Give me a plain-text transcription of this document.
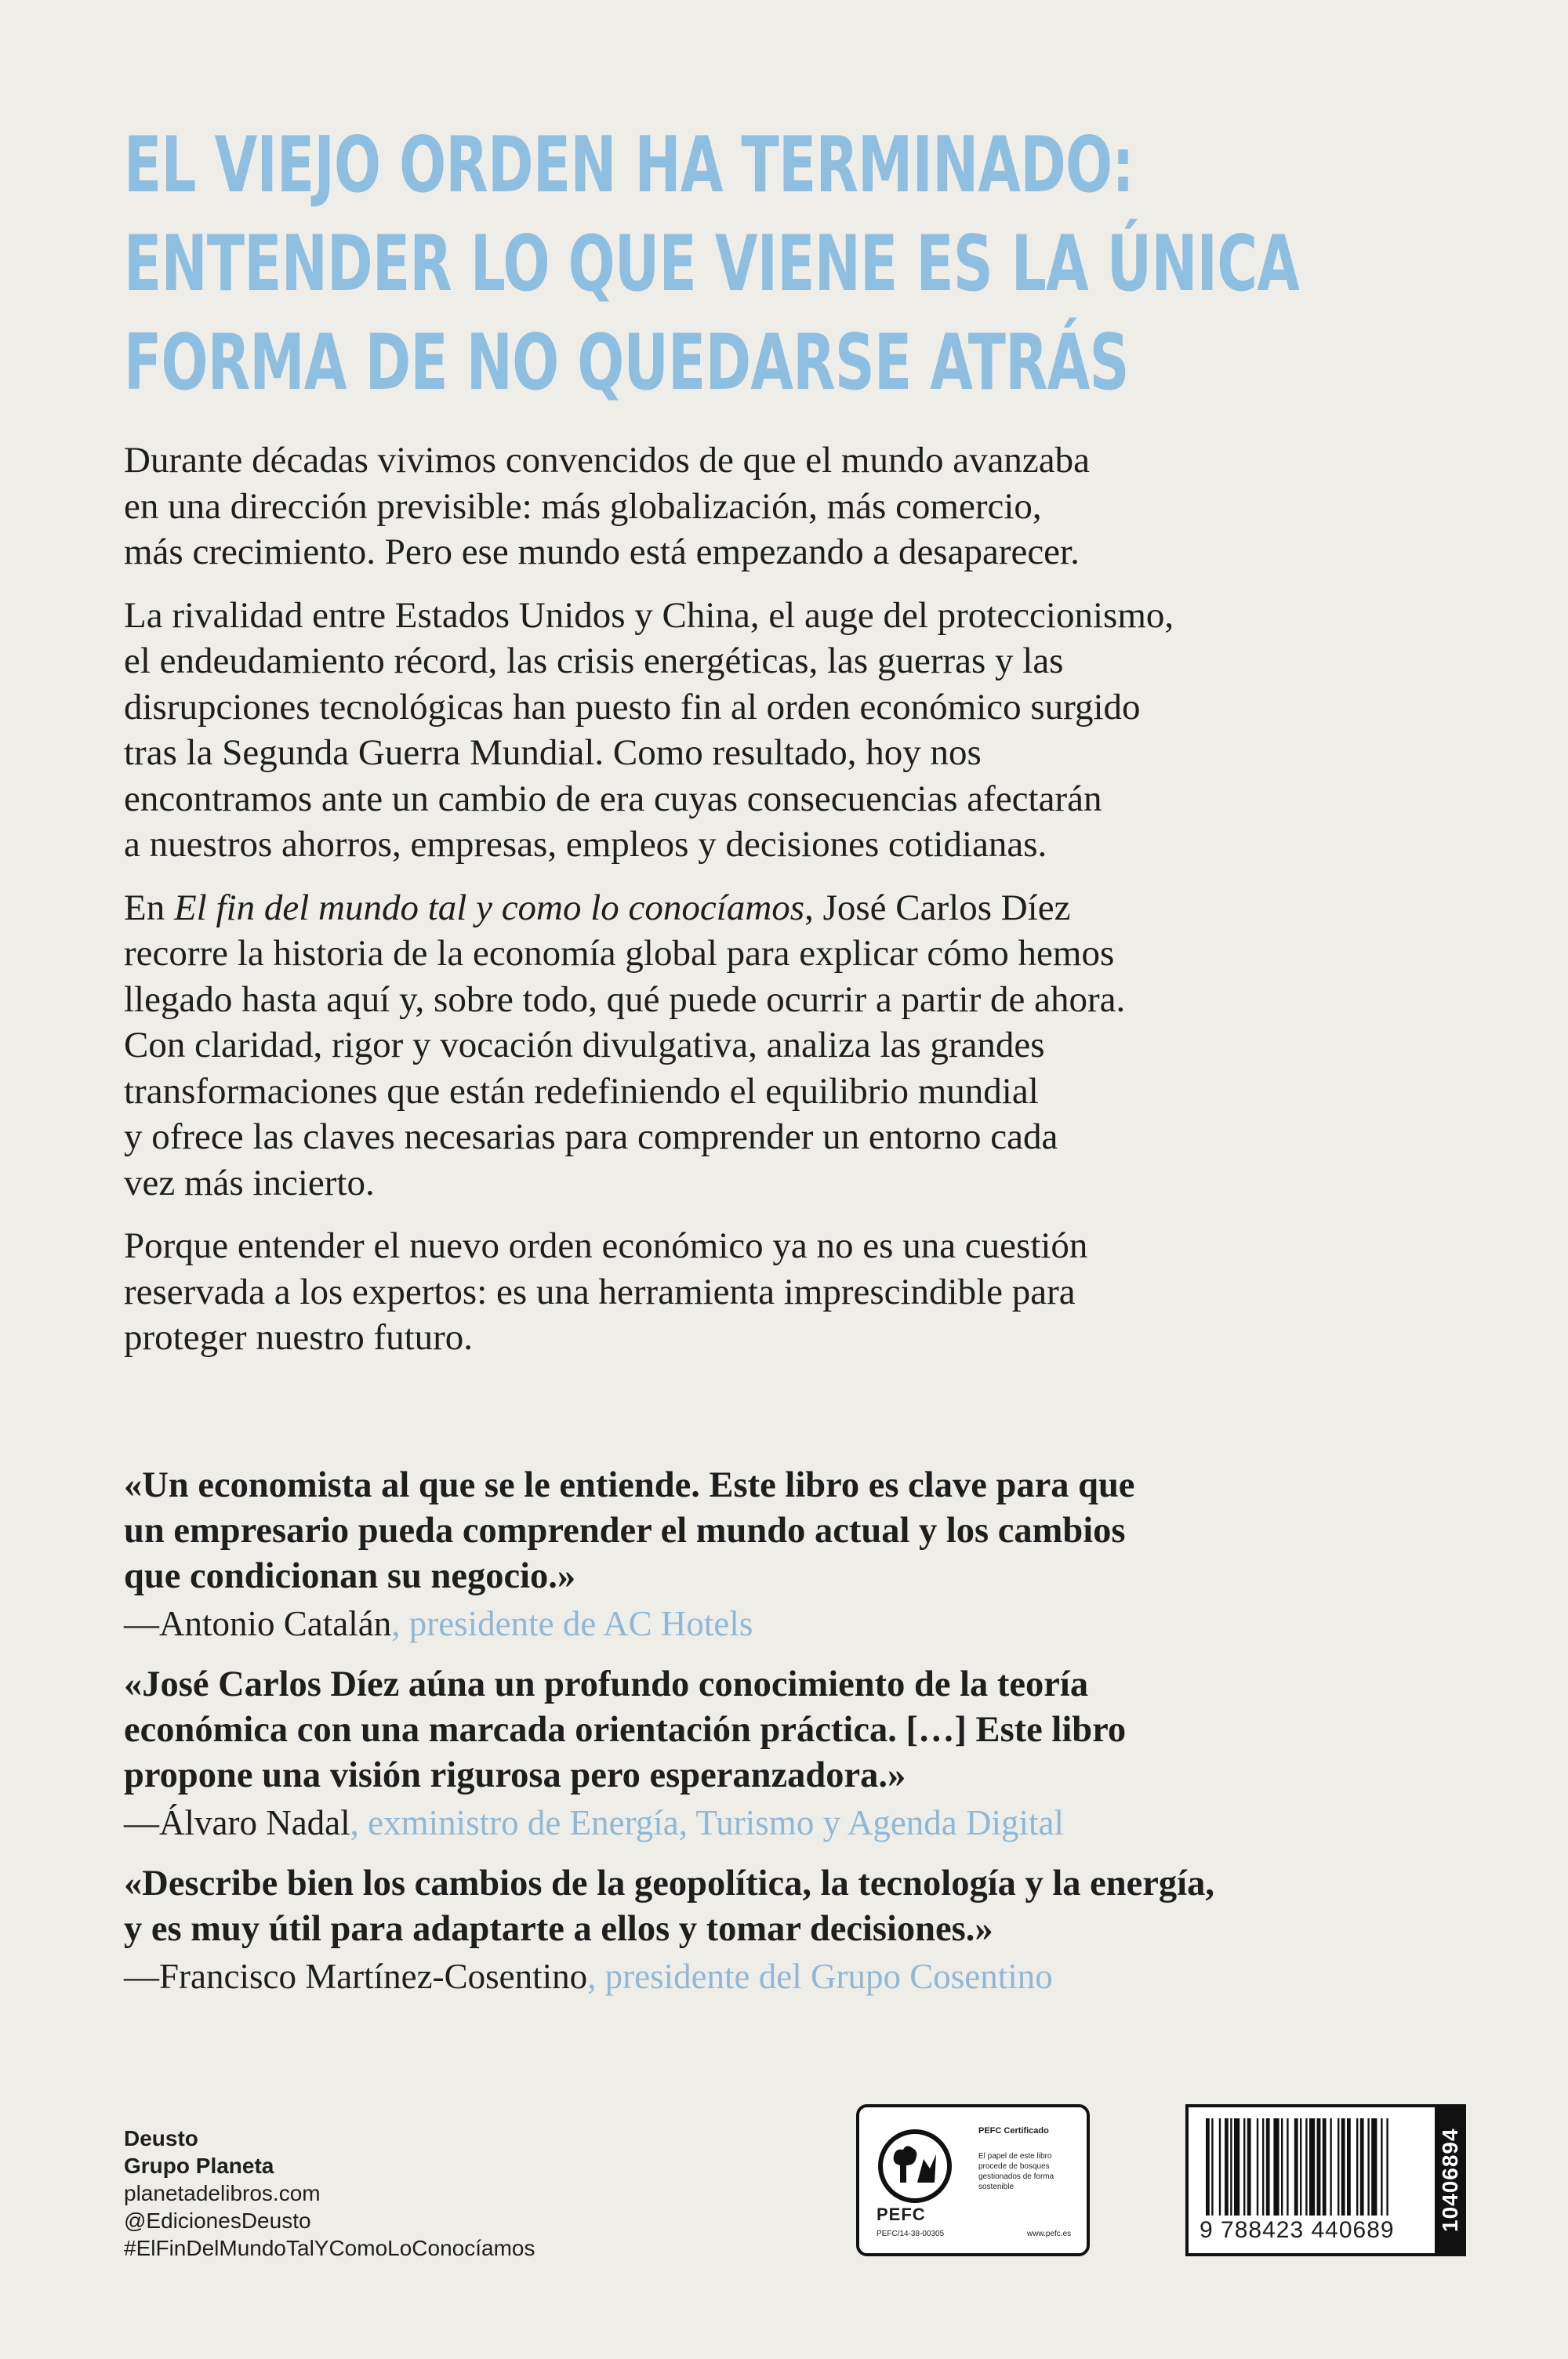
EL VIEJO ORDEN HA TERMINADO:
ENTENDER LO QUE VIENE ES LA ÚNICA
FORMA DE NO QUEDARSE ATRÁS

Durante décadas vivimos convencidos de que el mundo avanzaba
en una dirección previsible: más globalización, más comercio,
más crecimiento. Pero ese mundo está empezando a desaparecer.

La rivalidad entre Estados Unidos y China, el auge del proteccionismo,
el endeudamiento récord, las crisis energéticas, las guerras y las
disrupciones tecnológicas han puesto fin al orden económico surgido
tras la Segunda Guerra Mundial. Como resultado, hoy nos
encontramos ante un cambio de era cuyas consecuencias afectarán
a nuestros ahorros, empresas, empleos y decisiones cotidianas.

En El fin del mundo tal y como lo conocíamos, José Carlos Díez
recorre la historia de la economía global para explicar cómo hemos
llegado hasta aquí y, sobre todo, qué puede ocurrir a partir de ahora.
Con claridad, rigor y vocación divulgativa, analiza las grandes
transformaciones que están redefiniendo el equilibrio mundial
y ofrece las claves necesarias para comprender un entorno cada
vez más incierto.

Porque entender el nuevo orden económico ya no es una cuestión
reservada a los expertos: es una herramienta imprescindible para
proteger nuestro futuro.

«Un economista al que se le entiende. Este libro es clave para que
un empresario pueda comprender el mundo actual y los cambios
que condicionan su negocio.»
—Antonio Catalán, presidente de AC Hotels
«José Carlos Díez aúna un profundo conocimiento de la teoría
económica con una marcada orientación práctica. […] Este libro
propone una visión rigurosa pero esperanzadora.»
—Álvaro Nadal, exministro de Energía, Turismo y Agenda Digital
«Describe bien los cambios de la geopolítica, la tecnología y la energía,
y es muy útil para adaptarte a ellos y tomar decisiones.»
—Francisco Martínez-Cosentino, presidente del Grupo Cosentino
Deusto
Grupo Planeta
planetadelibros.com
@EdicionesDeusto
#ElFinDelMundoTalYComoLoConocíamos
PEFC
PEFC/14-38-00305
PEFC Certificado
El papel de este libro procede de bosques gestionados de forma sostenible
www.pefc.es	9 788423 440689	10406894
